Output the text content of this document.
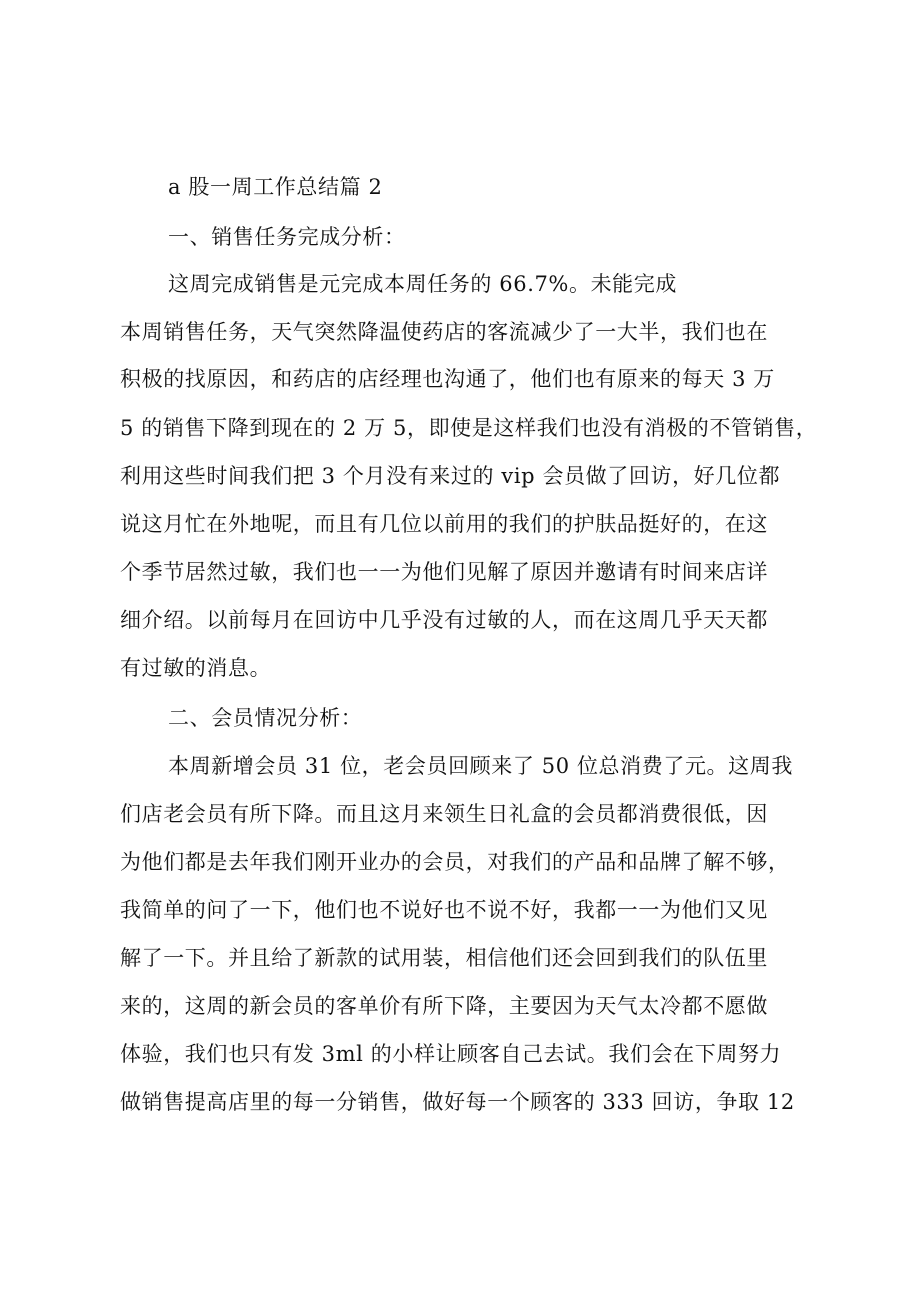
a 股一周工作总结篇 2
一、销售任务完成分析：
这周完成销售是元完成本周任务的 66.7%。未能完成
本周销售任务，天气突然降温使药店的客流减少了一大半，我们也在
积极的找原因，和药店的店经理也沟通了，他们也有原来的每天 3 万
5 的销售下降到现在的 2 万 5，即使是这样我们也没有消极的不管销售，
利用这些时间我们把 3 个月没有来过的 vip 会员做了回访，好几位都
说这月忙在外地呢，而且有几位以前用的我们的护肤品挺好的，在这
个季节居然过敏，我们也一一为他们见解了原因并邀请有时间来店详
细介绍。以前每月在回访中几乎没有过敏的人，而在这周几乎天天都
有过敏的消息。
二、会员情况分析：
本周新增会员 31 位，老会员回顾来了 50 位总消费了元。这周我
们店老会员有所下降。而且这月来领生日礼盒的会员都消费很低，因
为他们都是去年我们刚开业办的会员，对我们的产品和品牌了解不够，
我简单的问了一下，他们也不说好也不说不好，我都一一为他们又见
解了一下。并且给了新款的试用装，相信他们还会回到我们的队伍里
来的，这周的新会员的客单价有所下降，主要因为天气太冷都不愿做
体验，我们也只有发 3ml 的小样让顾客自己去试。我们会在下周努力
做销售提高店里的每一分销售，做好每一个顾客的 333 回访，争取 12
